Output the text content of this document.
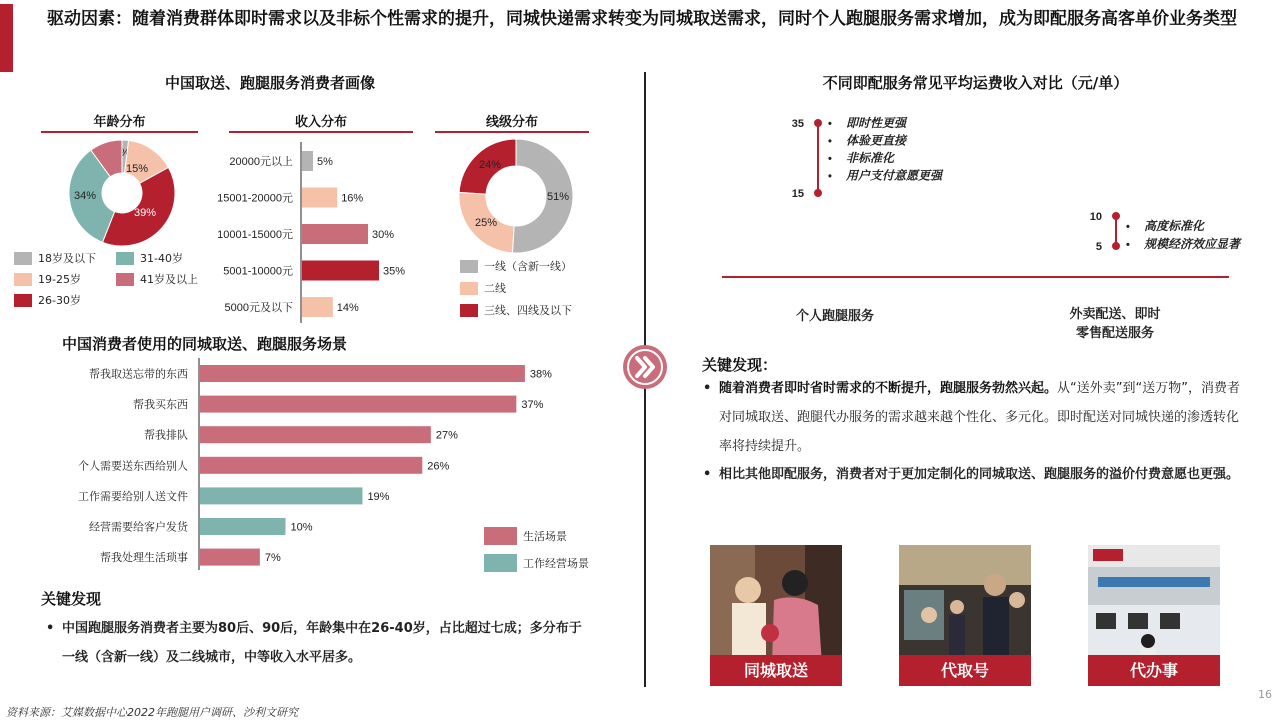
驱动因素：随着消费群体即时需求以及非标个性需求的提升，同城快递需求转变为同城取送需求，同时个人跑腿服务需求增加，成为即配服务高客单价业务类型
中国取送、跑腿服务消费者画像
年龄分布
15%
39%
34%
10%
18岁及以下	31-40岁
19-25岁	41岁及以上
26-30岁
收入分布
20000元以上 5%
15001-20000元	16%
10001-15000元	30%
5001-10000元	35%
5000元及以下	14%
线级分布
51%
25%
24%
一线（含新一线）
二线
三线、四线及以下
中国消费者使用的同城取送、跑腿服务场景
帮我取送忘带的东西	38%
帮我买东西	37%
帮我排队	27%
个人需要送东西给别人	26%
工作需要给别人送文件	19%
经营需要给客户发货	10%
帮我处理生活琐事	7%
生活场景
工作经营场景
关键发现
• 中国跑腿服务消费者主要为80后、90后，年龄集中在26-40岁，占比超过七成；多分布于一线（含新一线）及二线城市，中等收入水平居多。
不同即配服务常见平均运费收入对比（元/单）
35
15
• 即时性更强
• 体验更直接
• 非标准化
• 用户支付意愿更强
10
5
• 高度标准化
• 规模经济效应显著
个人跑腿服务	外卖配送、即时
零售配送服务
关键发现：
• 随着消费者即时省时需求的不断提升，跑腿服务勃然兴起。从“送外卖”到“送万物”，消费者对同城取送、跑腿代办服务的需求越来越个性化、多元化。即时配送对同城快递的渗透转化率将持续提升。
• 相比其他即配服务，消费者对于更加定制化的同城取送、跑腿服务的溢价付费意愿也更强。
同城取送	代取号	代办事
资料来源：艾媒数据中心2022年跑腿用户调研、沙利文研究
16
